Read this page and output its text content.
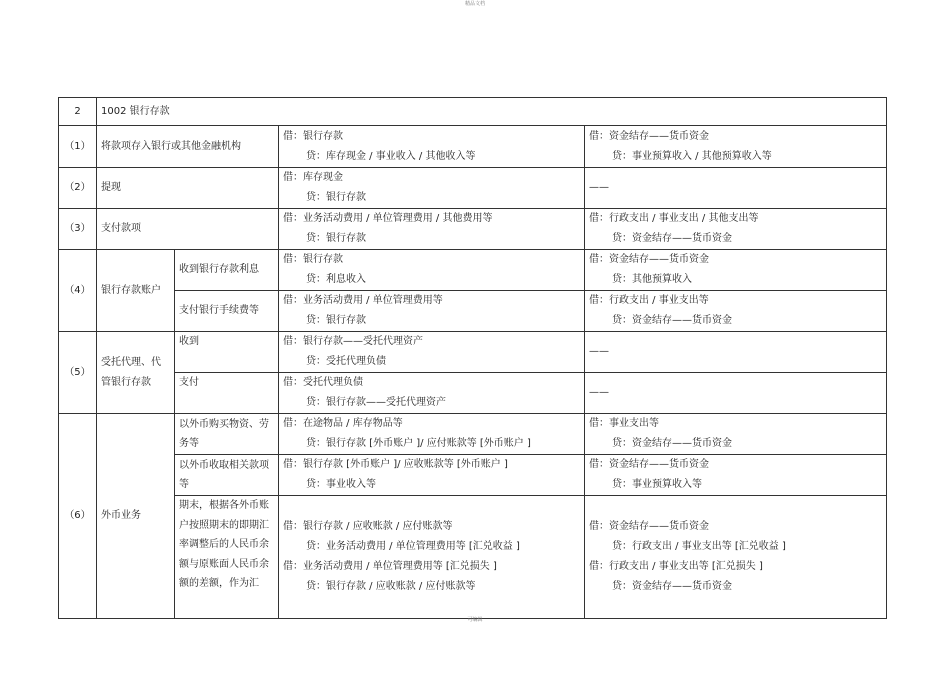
精品文档
2	1002 银行存款			
（1）	将款项存入银行或其他金融机构		借：银行存款
贷：库存现金 / 事业收入 / 其他收入等	借：资金结存——货币资金
贷：事业预算收入 / 其他预算收入等

（2）	提现		借：库存现金
贷：银行存款	——

（3）	支付款项		借：业务活动费用 / 单位管理费用 / 其他费用等
贷：银行存款	借：行政支出 / 事业支出 / 其他支出等
贷：资金结存——货币资金

（4）	银行存款账户	收到银行存款利息	借：银行存款
贷：利息收入	借：资金结存——货币资金
贷：其他预算收入

		支付银行手续费等	借：业务活动费用 / 单位管理费用等
贷：银行存款	借：行政支出 / 事业支出等
贷：资金结存——货币资金

（5）	受托代理、代管银行存款	收到	借：银行存款——受托代理资产
贷：受托代理负债	——

		支付	借：受托代理负债
贷：银行存款——受托代理资产	——

（6）	外币业务	以外币购买物资、劳务等	借：在途物品 / 库存物品等
贷：银行存款 [外币账户 ]/ 应付账款等 [外币账户 ]	借：事业支出等
贷：资金结存——货币资金

		以外币收取相关款项等	借：银行存款 [外币账户 ]/ 应收账款等 [外币账户 ]
贷：事业收入等	借：资金结存——货币资金
贷：事业预算收入等

		期末，根据各外币账户按照期末的即期汇率调整后的人民币余额与原账面人民币余额的差额，作为汇	借：银行存款 / 应收账款 / 应付账款等
贷：业务活动费用 / 单位管理费用等 [汇兑收益 ]
借：业务活动费用 / 单位管理费用等 [汇兑损失 ]
贷：银行存款 / 应收账款 / 应付账款等	借：资金结存——货币资金
贷：行政支出 / 事业支出等 [汇兑收益 ]
借：行政支出 / 事业支出等 [汇兑损失 ]
贷：资金结存——货币资金
可编辑
